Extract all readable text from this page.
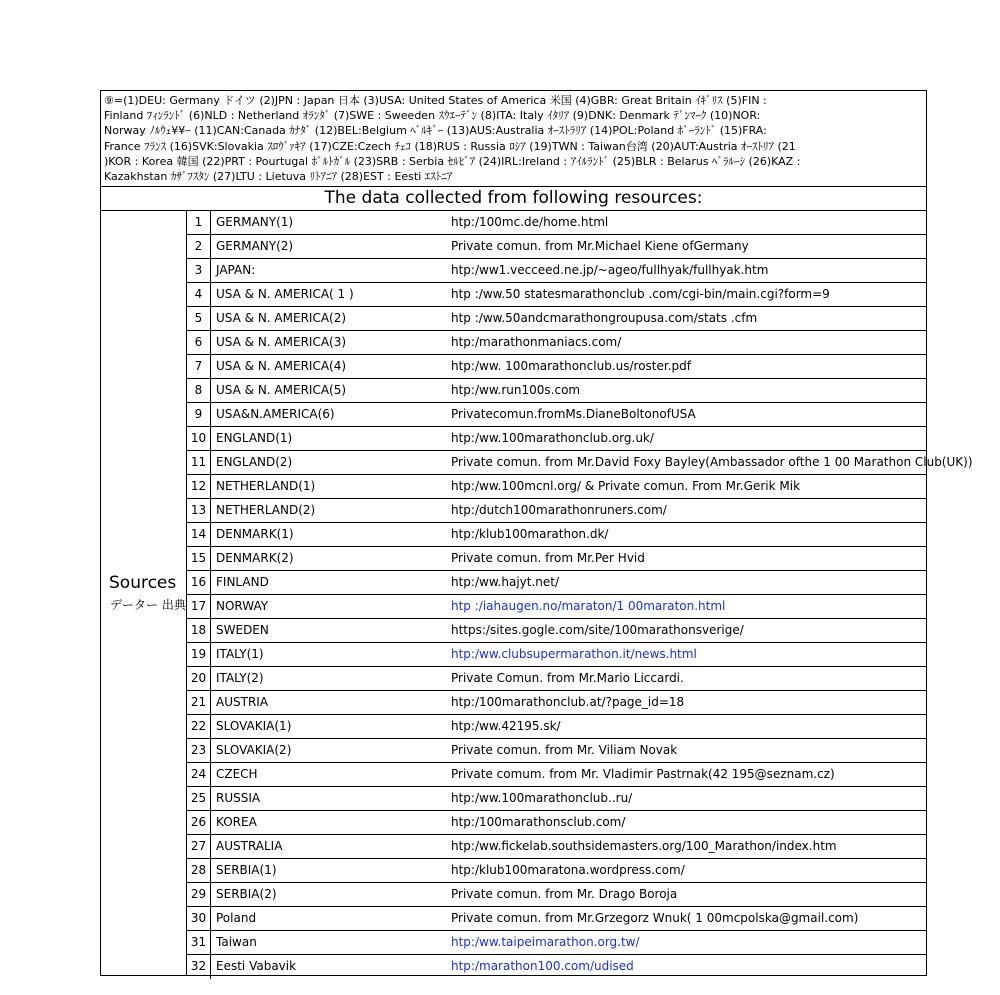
⑨=(1)DEU: Germany ドイツ (2)JPN : Japan 日本 (3)USA: United States of America 米国 (4)GBR: Great Britain ｲｷﾞﾘｽ (5)FIN :
Finland ﾌｨﾝﾗﾝﾄﾞ (6)NLD : Netherland ｵﾗﾝﾀﾞ (7)SWE : Sweeden ｽｳｴｰﾃﾞﾝ (8)ITA: Italy ｲﾀﾘｱ (9)DNK: Denmark ﾃﾞﾝﾏｰｸ (10)NOR:
Norway ﾉﾙｳｪ¥¥ｰ (11)CAN:Canada ｶﾅﾀﾞ (12)BEL:Belgium ﾍﾞﾙｷﾞｰ (13)AUS:Australia ｵｰｽﾄﾗﾘｱ (14)POL:Poland ﾎﾟｰﾗﾝﾄﾞ (15)FRA:
France ﾌﾗﾝｽ (16)SVK:Slovakia ｽﾛｳﾞｧｷｱ (17)CZE:Czech ﾁｪｺ (18)RUS : Russia ﾛｼｱ (19)TWN : Taiwan台湾 (20)AUT:Austria ｵｰｽﾄﾘｱ (21
)KOR : Korea 韓国 (22)PRT : Pourtugal ﾎﾟﾙﾄｶﾞﾙ (23)SRB : Serbia ｾﾙﾋﾞｱ (24)IRL:Ireland : ｱｲﾙﾗﾝﾄﾞ (25)BLR : Belarus ﾍﾞﾗﾙｰｼ (26)KAZ :
Kazakhstan ｶｻﾞﾌｽﾀﾝ (27)LTU : Lietuva ﾘﾄｱﾆｱ (28)EST : Eesti ｴｽﾄﾆｱ
The data collected from following resources:
Sources
データー 出典
1	GERMANY(1)	htp:/100mc.de/home.html
2	GERMANY(2)	Private comun. from Mr.Michael Kiene ofGermany
3	JAPAN:	htp:/ww1.vecceed.ne.jp/~ageo/fullhyak/fullhyak.htm
4	USA & N. AMERICA( 1 )	htp :/ww.50 statesmarathonclub .com/cgi-bin/main.cgi?form=9
5	USA & N. AMERICA(2)	htp :/ww.50andcmarathongroupusa.com/stats .cfm
6	USA & N. AMERICA(3)	htp:/marathonmaniacs.com/
7	USA & N. AMERICA(4)	htp:/ww. 100marathonclub.us/roster.pdf
8	USA & N. AMERICA(5)	htp:/ww.run100s.com
9	USA&N.AMERICA(6)	Privatecomun.fromMs.DianeBoltonofUSA
10 ENGLAND(1)	htp:/ww.100marathonclub.org.uk/
11 ENGLAND(2)	Private comun. from Mr.David Foxy Bayley(Ambassador ofthe 1 00 Marathon Club(UK))
12 NETHERLAND(1)	htp:/ww.100mcnl.org/ & Private comun. From Mr.Gerik Mik
13 NETHERLAND(2)	htp:/dutch100marathonruners.com/
14 DENMARK(1)	htp:/klub100marathon.dk/
15 DENMARK(2)	Private comun. from Mr.Per Hvid
16 FINLAND	htp:/ww.hajyt.net/
17 NORWAY	htp :/iahaugen.no/maraton/1 00maraton.html
18 SWEDEN	https:/sites.gogle.com/site/100marathonsverige/
19 ITALY(1)	htp:/ww.clubsupermarathon.it/news.html
20 ITALY(2)	Private Comun. from Mr.Mario Liccardi.
21 AUSTRIA	htp:/100marathonclub.at/?page_id=18
22 SLOVAKIA(1)	htp:/ww.42195.sk/
23 SLOVAKIA(2)	Private comun. from Mr. Viliam Novak
24 CZECH	Private comum. from Mr. Vladimir Pastrnak(42 195@seznam.cz)
25 RUSSIA	htp:/ww.100marathonclub..ru/
26 KOREA	htp:/100marathonsclub.com/
27 AUSTRALIA	htp:/ww.fickelab.southsidemasters.org/100_Marathon/index.htm
28 SERBIA(1)	htp:/klub100maratona.wordpress.com/
29 SERBIA(2)	Private comun. from Mr. Drago Boroja
30 Poland	Private comun. from Mr.Grzegorz Wnuk( 1 00mcpolska@gmail.com)
31 Taiwan	htp:/ww.taipeimarathon.org.tw/
32 Eesti Vabavik	htp:/marathon100.com/udised
